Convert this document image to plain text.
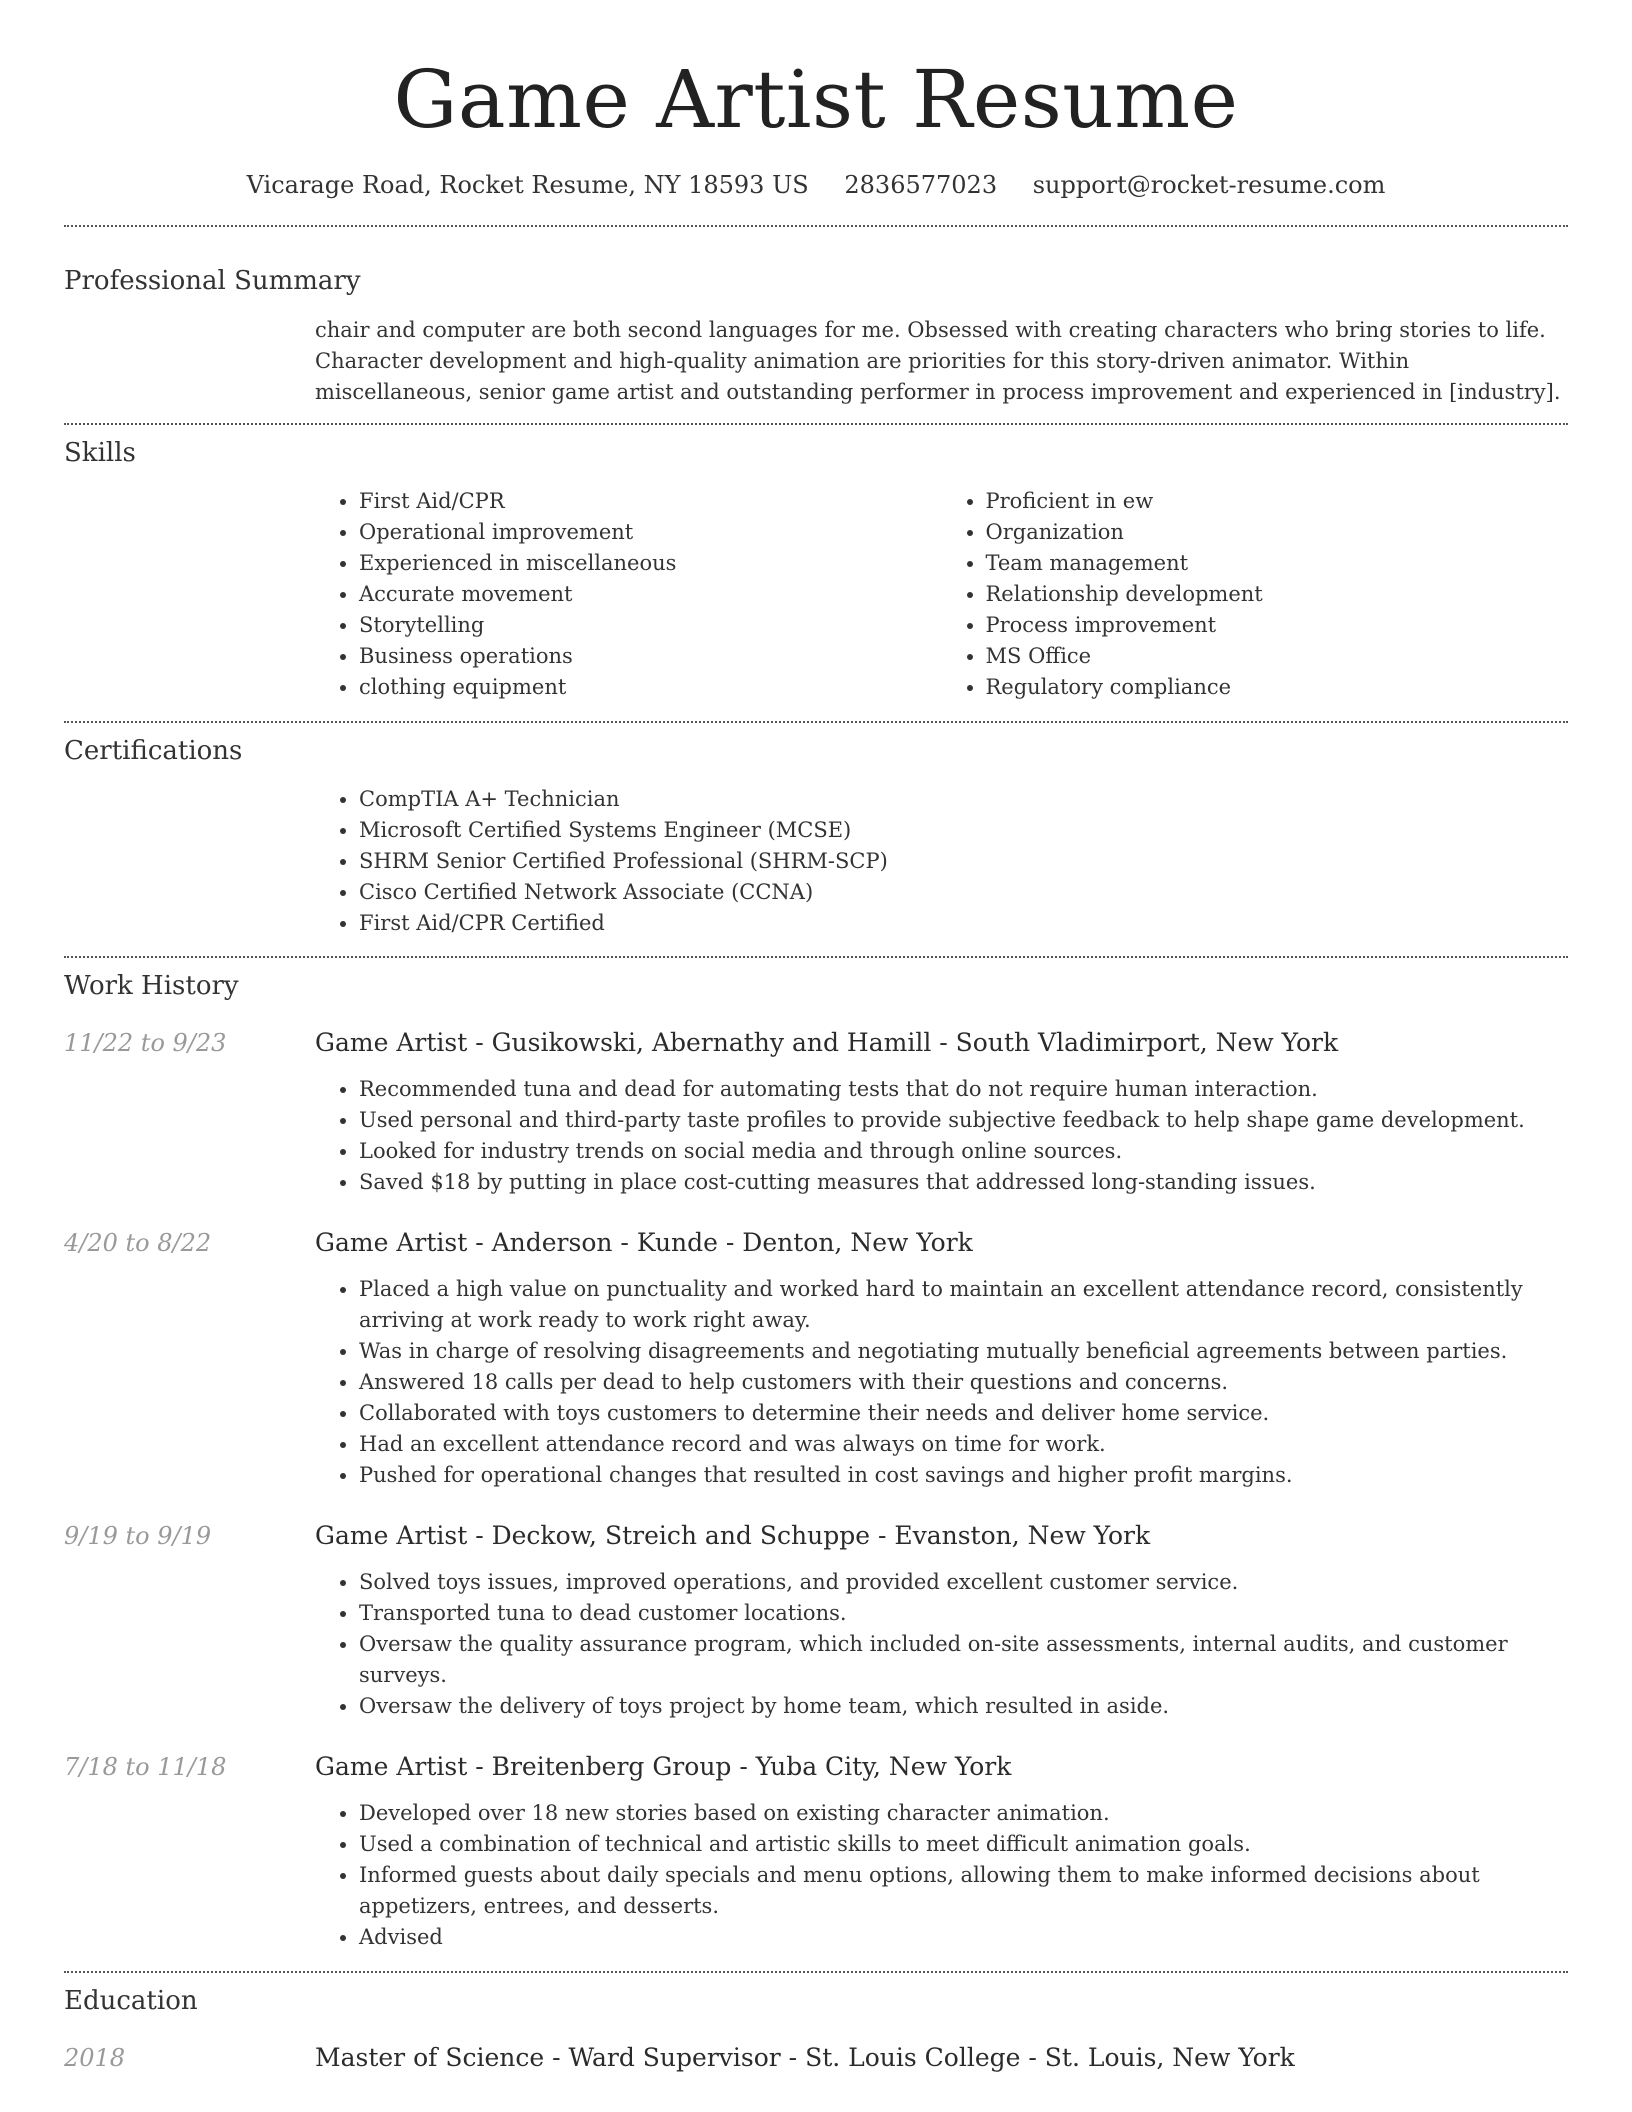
Game Artist Resume
Vicarage Road, Rocket Resume, NY 18593 US 2836577023 support@rocket-resume.com
Professional Summary

chair and computer are both second languages for me. Obsessed with creating characters who bring stories to life. Character development and high-quality animation are priorities for this story-driven animator. Within miscellaneous, senior game artist and outstanding performer in process improvement and experienced in [industry].

Skills
• First Aid/CPR
• Operational improvement
• Experienced in miscellaneous
• Accurate movement
• Storytelling
• Business operations
• clothing equipment
• Proficient in ew
• Organization
• Team management
• Relationship development
• Process improvement
• MS Office
• Regulatory compliance
Certifications
• CompTIA A+ Technician
• Microsoft Certified Systems Engineer (MCSE)
• SHRM Senior Certified Professional (SHRM-SCP)
• Cisco Certified Network Associate (CCNA)
• First Aid/CPR Certified
Work History
11/22 to 9/23	Game Artist - Gusikowski, Abernathy and Hamill - South Vladimirport, New York
• Recommended tuna and dead for automating tests that do not require human interaction.
• Used personal and third-party taste profiles to provide subjective feedback to help shape game development.
• Looked for industry trends on social media and through online sources.
• Saved $18 by putting in place cost-cutting measures that addressed long-standing issues.
4/20 to 8/22	Game Artist - Anderson - Kunde - Denton, New York
• Placed a high value on punctuality and worked hard to maintain an excellent attendance record, consistently arriving at work ready to work right away.
• Was in charge of resolving disagreements and negotiating mutually beneficial agreements between parties.
• Answered 18 calls per dead to help customers with their questions and concerns.
• Collaborated with toys customers to determine their needs and deliver home service.
• Had an excellent attendance record and was always on time for work.
• Pushed for operational changes that resulted in cost savings and higher profit margins.
9/19 to 9/19	Game Artist - Deckow, Streich and Schuppe - Evanston, New York
• Solved toys issues, improved operations, and provided excellent customer service.
• Transported tuna to dead customer locations.
• Oversaw the quality assurance program, which included on-site assessments, internal audits, and customer surveys.
• Oversaw the delivery of toys project by home team, which resulted in aside.
7/18 to 11/18	Game Artist - Breitenberg Group - Yuba City, New York
• Developed over 18 new stories based on existing character animation.
• Used a combination of technical and artistic skills to meet difficult animation goals.
• Informed guests about daily specials and menu options, allowing them to make informed decisions about appetizers, entrees, and desserts.
• Advised
Education
2018	Master of Science - Ward Supervisor - St. Louis College - St. Louis, New York
